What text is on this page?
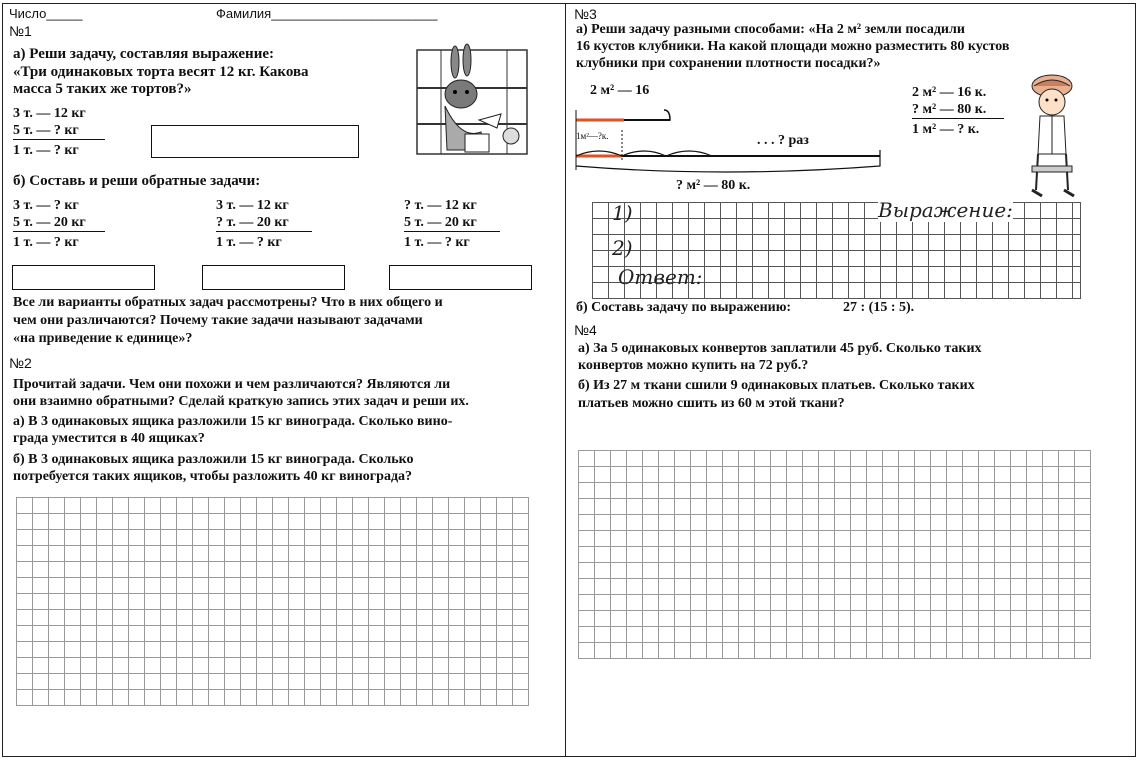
Число_____	Фамилия_______________________
№1
а) Реши задачу, составляя выражение:
«Три одинаковых торта весят 12 кг. Какова
масса 5 таких же тортов?»
3 т. — 12 кг
5 т. — ? кг
1 т. — ? кг
б) Составь и реши обратные задачи:
3 т. — ? кг
5 т. — 20 кг
1 т. — ? кг
3 т. — 12 кг
? т. — 20 кг
1 т. — ? кг
? т. — 12 кг
5 т. — 20 кг
1 т. — ? кг
Все ли варианты обратных задач рассмотрены? Что в них общего и
чем они различаются? Почему такие задачи называют задачами
«на приведение к единице»?
№2
Прочитай задачи. Чем они похожи и чем различаются? Являются ли
они взаимно обратными? Сделай краткую запись этих задач и реши их.
а) В 3 одинаковых ящика разложили 15 кг винограда. Сколько вино-
града уместится в 40 ящиках?
б) В 3 одинаковых ящика разложили 15 кг винограда. Сколько
потребуется таких ящиков, чтобы разложить 40 кг винограда?
№3
а) Реши задачу разными способами: «На 2 м² земли посадили
16 кустов клубники. На какой площади можно разместить 80 кустов
клубники при сохранении плотности посадки?»
2 м² — 16
1м²—?к.	. . . ? раз
? м² — 80 к.
2 м² — 16 к.
? м² — 80 к.
1 м² — ? к.
1)
2)
Выражение:
Ответ:
б) Составь задачу по выражению:	27 : (15 : 5).
№4
а) За 5 одинаковых конвертов заплатили 45 руб. Сколько таких
конвертов можно купить на 72 руб.?
б) Из 27 м ткани сшили 9 одинаковых платьев. Сколько таких
платьев можно сшить из 60 м этой ткани?
